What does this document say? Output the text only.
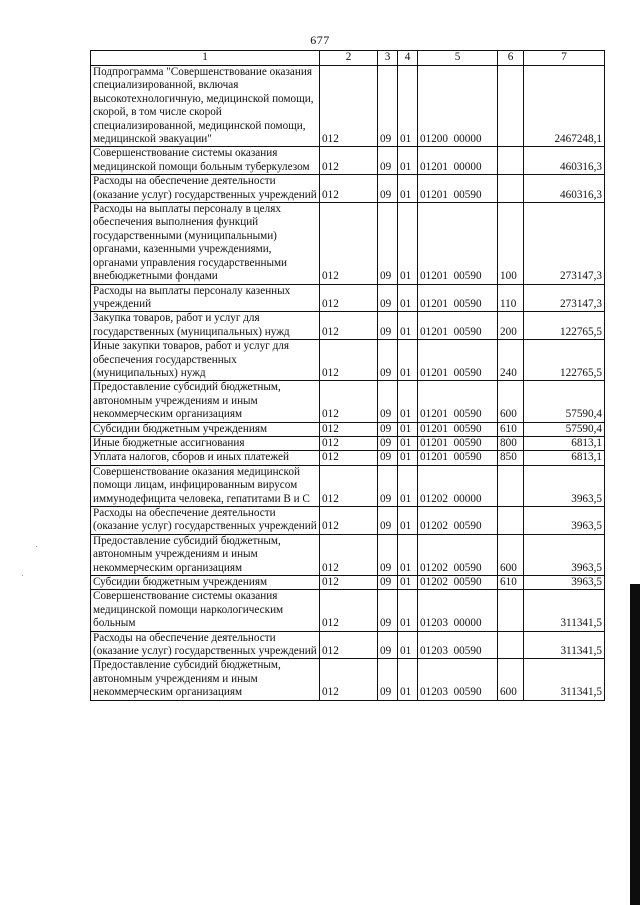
677
1	2	3	4	5	6	7
Подпрограмма "Совершенствование оказания специализированной, включая высокотехнологичную, медицинской помощи, скорой, в том числе скорой специализированной, медицинской помощи, медицинской эвакуации"	012	09	01	01200  00000		2467248,1
Совершенствование системы оказания медицинской помощи больным туберкулезом	012	09	01	01201  00000		460316,3
Расходы на обеспечение деятельности (оказание услуг) государственных учреждений	012	09	01	01201  00590		460316,3
Расходы на выплаты персоналу в целях обеспечения выполнения функций государственными (муниципальными) органами, казенными учреждениями, органами управления государственными внебюджетными фондами	012	09	01	01201  00590	100	273147,3
Расходы на выплаты персоналу казенных учреждений	012	09	01	01201  00590	110	273147,3
Закупка товаров, работ и услуг для государственных (муниципальных) нужд	012	09	01	01201  00590	200	122765,5
Иные закупки товаров, работ и услуг для обеспечения государственных (муниципальных) нужд	012	09	01	01201  00590	240	122765,5
Предоставление субсидий бюджетным, автономным учреждениям и иным некоммерческим организациям	012	09	01	01201  00590	600	57590,4
Субсидии бюджетным учреждениям	012	09	01	01201  00590	610	57590,4
Иные бюджетные ассигнования	012	09	01	01201  00590	800	6813,1
Уплата налогов, сборов и иных платежей	012	09	01	01201  00590	850	6813,1
Совершенствование оказания медицинской помощи лицам, инфицированным вирусом иммунодефицита человека, гепатитами B и C	012	09	01	01202  00000		3963,5
Расходы на обеспечение деятельности (оказание услуг) государственных учреждений	012	09	01	01202  00590		3963,5
Предоставление субсидий бюджетным, автономным учреждениям и иным некоммерческим организациям	012	09	01	01202  00590	600	3963,5
Субсидии бюджетным учреждениям	012	09	01	01202  00590	610	3963,5
Совершенствование системы оказания медицинской помощи наркологическим больным	012	09	01	01203  00000		311341,5
Расходы на обеспечение деятельности (оказание услуг) государственных учреждений	012	09	01	01203  00590		311341,5
Предоставление субсидий бюджетным, автономным учреждениям и иным некоммерческим организациям	012	09	01	01203  00590	600	311341,5
